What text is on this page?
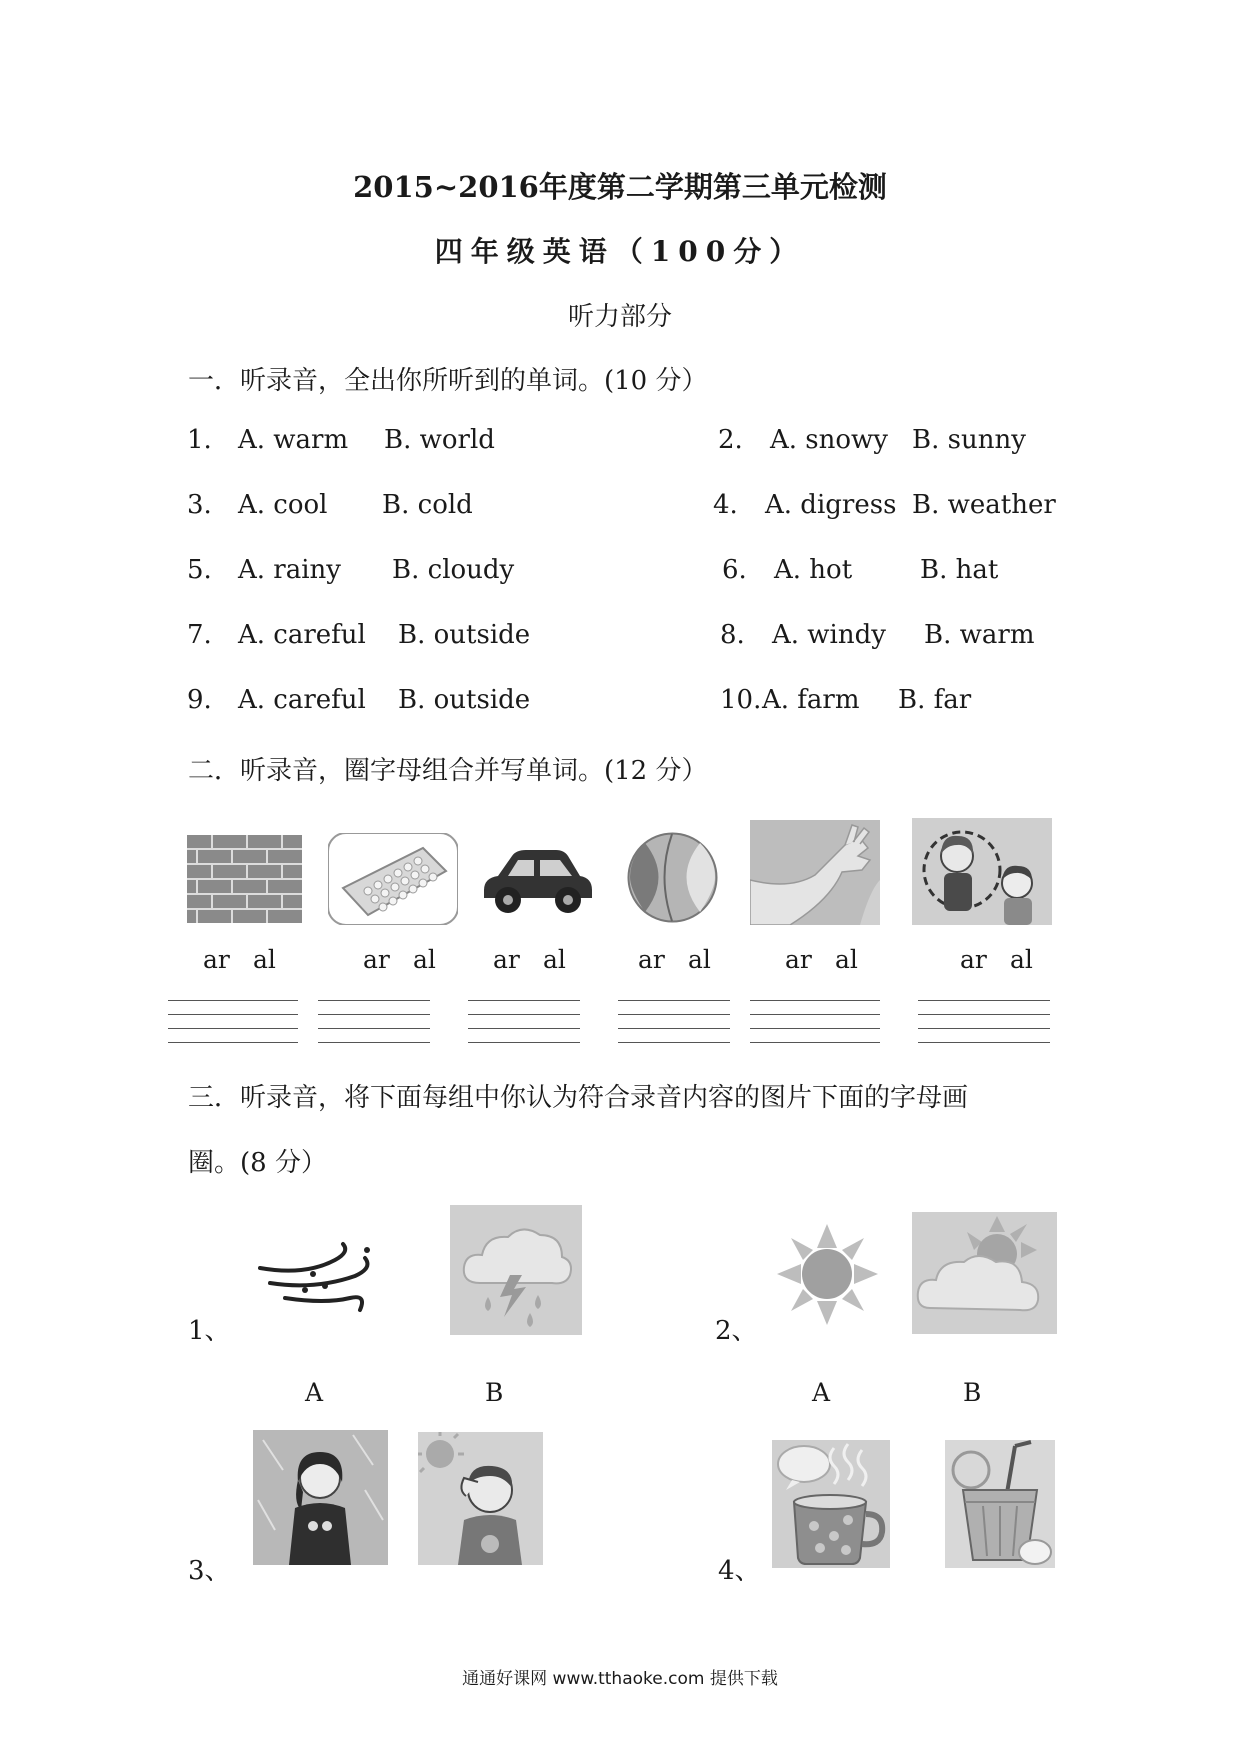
2015~2016年度第二学期第三单元检测
四年级英语（100分）
听力部分
一．听录音，全出你所听到的单词。(10 分）
1. A. warm B. world	2. A. snowy B. sunny
3. A. cool B. cold	4. A. digress B. weather
5. A. rainy B. cloudy	6. A. hot	B. hat
7. A. careful B. outside	8. A. windy B. warm
9. A. careful B. outside	10. A. farm B. far
二．听录音，圈字母组合并写单词。(12 分）
ar al	ar al ar al	ar al	ar al	ar al
三．听录音，将下面每组中你认为符合录音内容的图片下面的字母画
圈。(8 分）
1、
A	B
2、
A	B
3、	4、
通通好课网 www.tthaoke.com 提供下载
